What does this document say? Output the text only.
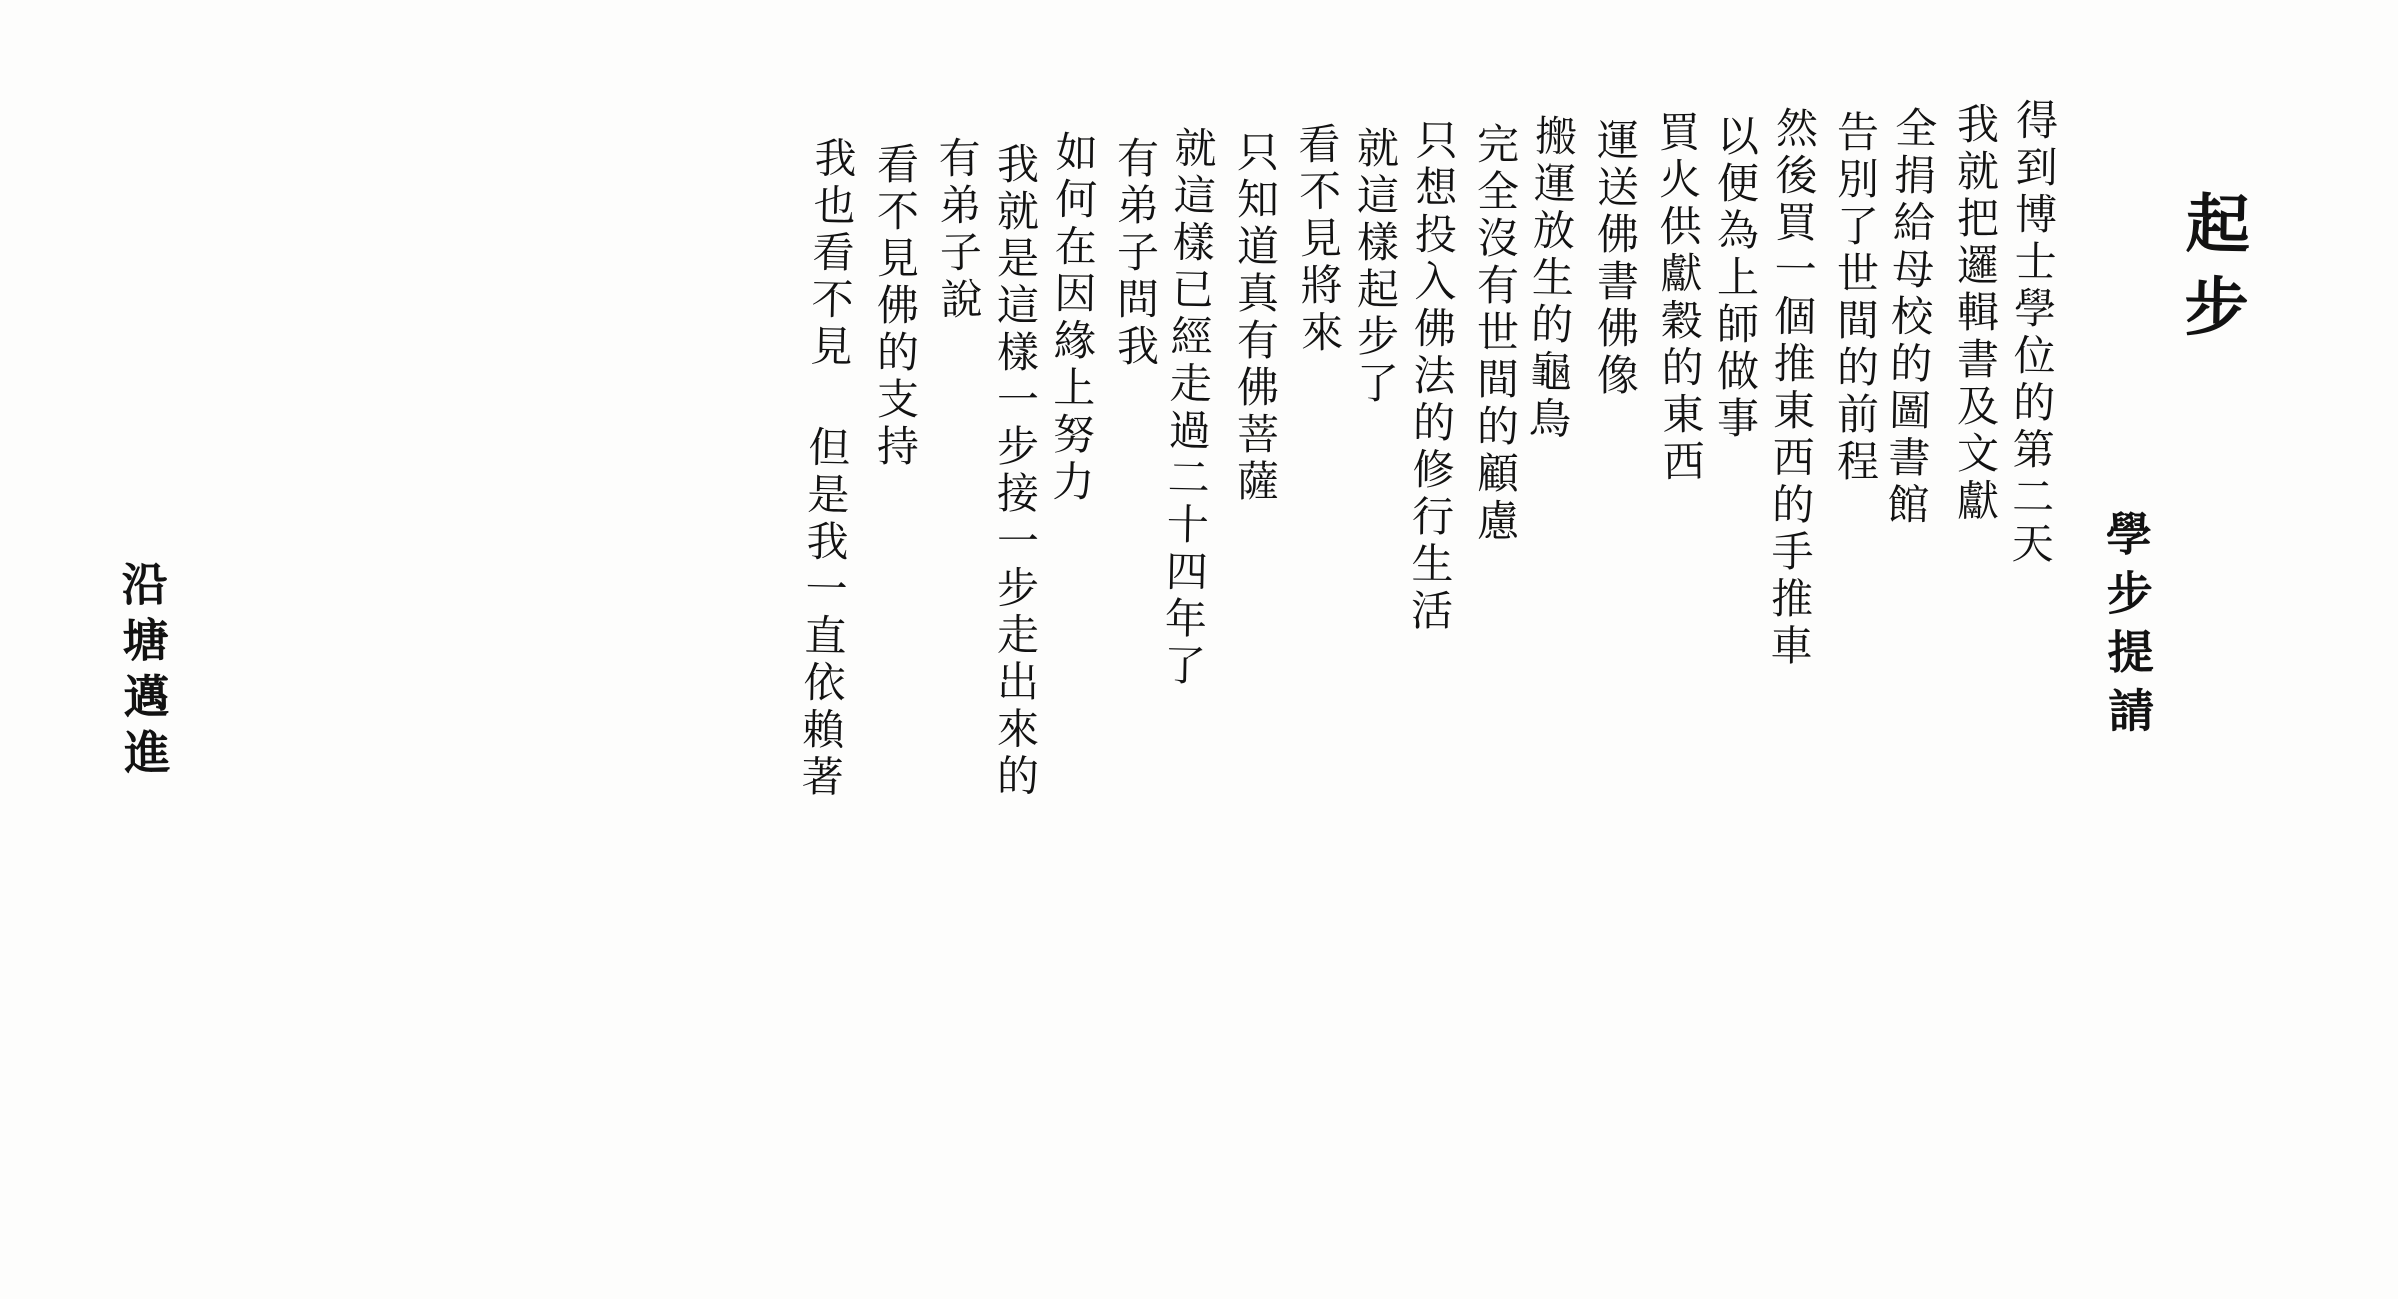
起步
學步提請
得到博士學位的第二天
我就把邏輯書及文獻
全捐給母校的圖書館
告別了世間的前程
然後買一個推東西的手推車
以便為上師做事
買火供獻穀的東西
運送佛書佛像
搬運放生的龜鳥
完全沒有世間的顧慮
只想投入佛法的修行生活
就這樣起步了
看不見將來
只知道真有佛菩薩
就這樣已經走過二十四年了
有弟子問我
如何在因緣上努力
我就是這樣一步接一步走出來的
有弟子說
看不見佛的支持
我也看不見 但是我一直依賴著
沿塘邁進
